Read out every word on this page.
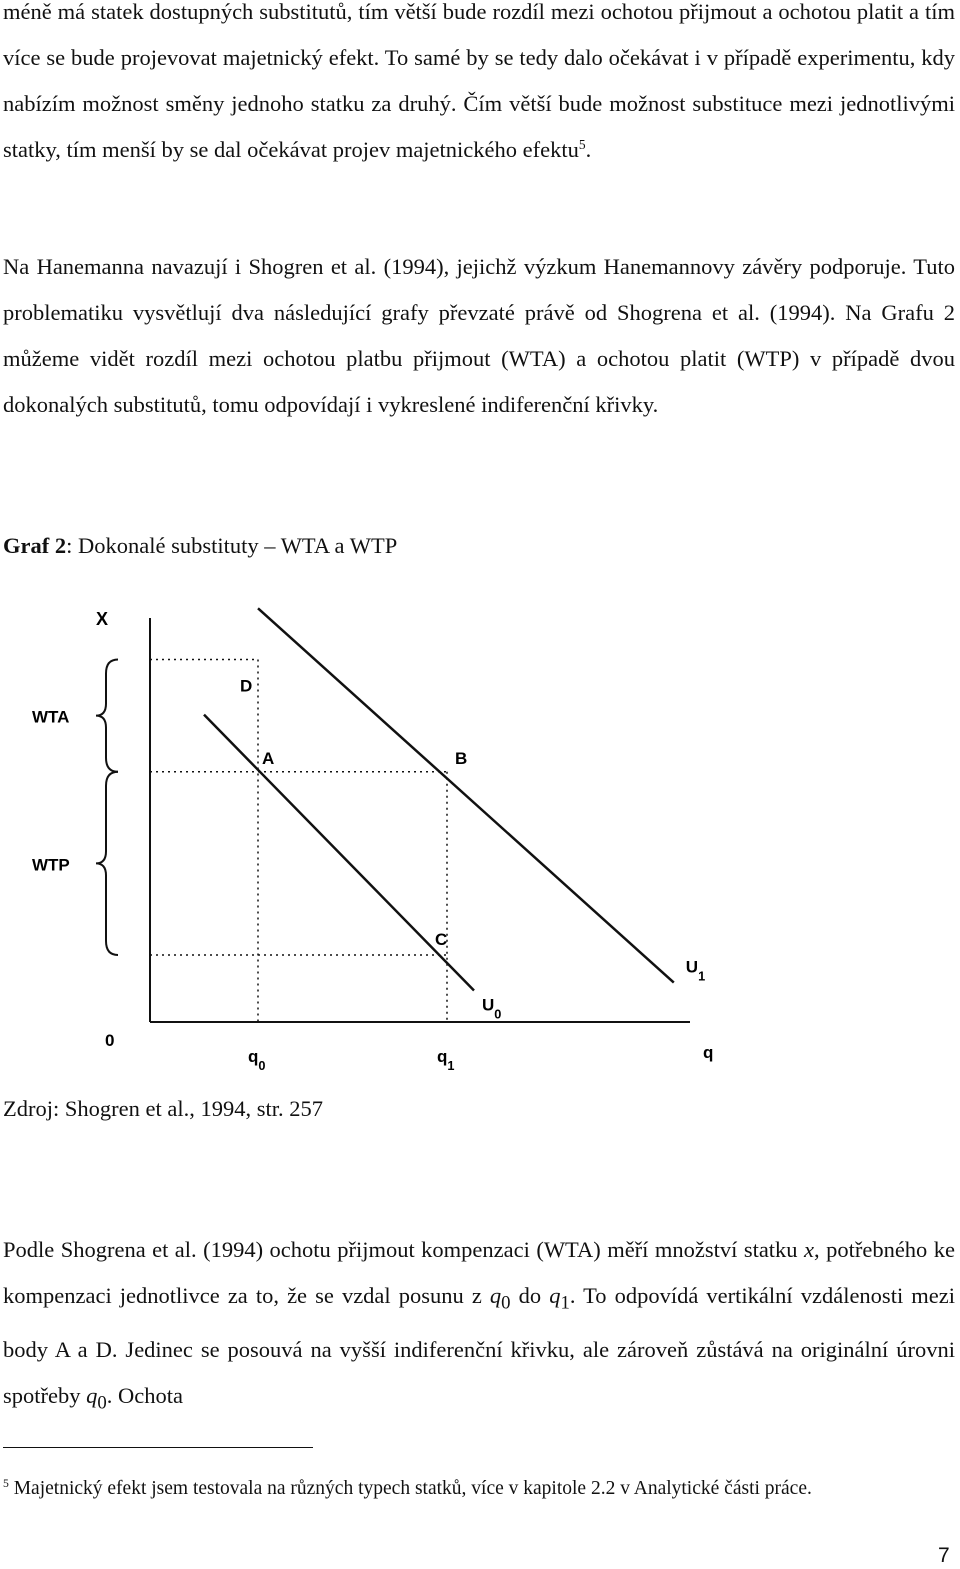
méně má statek dostupných substitutů, tím větší bude rozdíl mezi ochotou přijmout a ochotou platit a tím více se bude projevovat majetnický efekt. To samé by se tedy dalo očekávat i v případě experimentu, kdy nabízím možnost směny jednoho statku za druhý. Čím větší bude možnost substituce mezi jednotlivými statky, tím menší by se dal očekávat projev majetnického efektu$^5$.

Na Hanemanna navazují i Shogren et al. (1994), jejichž výzkum Hanemannovy závěry podporuje. Tuto problematiku vysvětlují dva následující grafy převzaté právě od Shogrena et al. (1994). Na Grafu 2 můžeme vidět rozdíl mezi ochotou platbu přijmout (WTA) a ochotou platit (WTP) v případě dvou dokonalých substitutů, tomu odpovídají i vykreslené indiferenční křivky.

Graf 2: Dokonalé substituty – WTA a WTP
X
q
0
$q_0$	$q_1$
$U_0$
$U_1$
D
A	B
C
WTA
WTP
Zdroj: Shogren et al., 1994, str. 257

Podle Shogrena et al. (1994) ochotu přijmout kompenzaci (WTA) měří množství statku x, potřebného ke kompenzaci jednotlivce za to, že se vzdal posunu z $q_0$ do $q_1$. To odpovídá vertikální vzdálenosti mezi body A a D. Jedinec se posouvá na vyšší indiferenční křivku, ale zároveň zůstává na originální úrovni spotřeby $q_0$. Ochota

$^5$ Majetnický efekt jsem testovala na různých typech statků, více v kapitole 2.2 v Analytické části práce.
7
